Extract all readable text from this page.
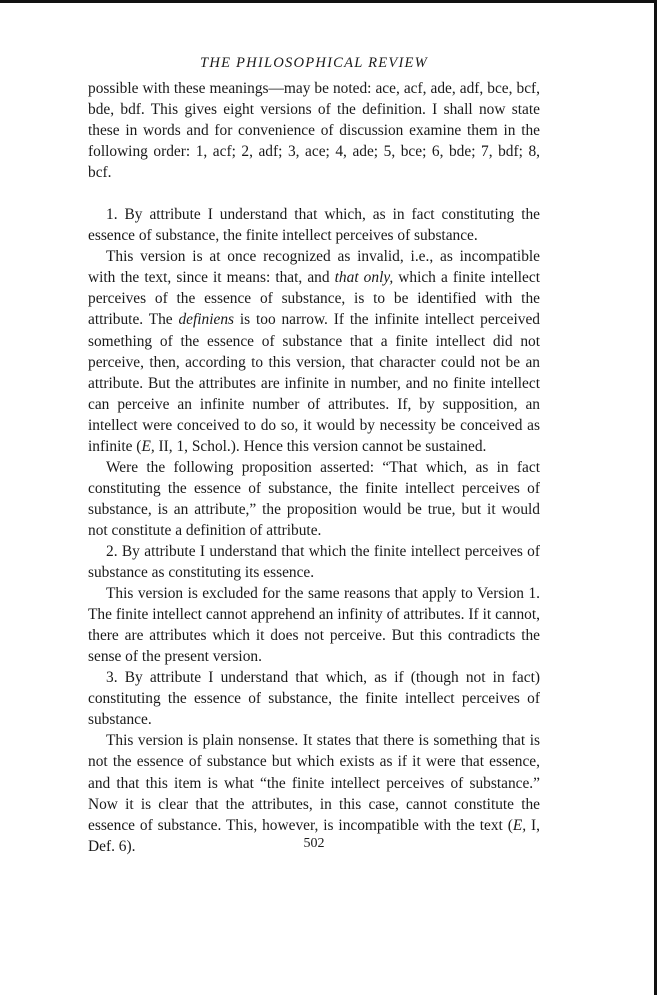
THE PHILOSOPHICAL REVIEW

possible with these meanings—may be noted: ace, acf, ade, adf, bce, bcf, bde, bdf. This gives eight versions of the definition. I shall now state these in words and for convenience of discussion examine them in the following order: 1, acf; 2, adf; 3, ace; 4, ade; 5, bce; 6, bde; 7, bdf; 8, bcf.

1. By attribute I understand that which, as in fact constituting the essence of substance, the finite intellect perceives of substance.

This version is at once recognized as invalid, i.e., as incompatible with the text, since it means: that, and that only, which a finite intellect perceives of the essence of substance, is to be identified with the attribute. The definiens is too narrow. If the infinite intellect perceived something of the essence of substance that a finite intellect did not perceive, then, according to this version, that character could not be an attribute. But the attributes are infinite in number, and no finite intellect can perceive an infinite number of attributes. If, by supposition, an intellect were conceived to do so, it would by necessity be conceived as infinite (E, II, 1, Schol.). Hence this version cannot be sustained.

Were the following proposition asserted: “That which, as in fact constituting the essence of substance, the finite intellect perceives of substance, is an attribute,” the proposition would be true, but it would not constitute a definition of attribute.

2. By attribute I understand that which the finite intellect perceives of substance as constituting its essence.

This version is excluded for the same reasons that apply to Version 1. The finite intellect cannot apprehend an infinity of attributes. If it cannot, there are attributes which it does not perceive. But this contradicts the sense of the present version.

3. By attribute I understand that which, as if (though not in fact) constituting the essence of substance, the finite intellect perceives of substance.

This version is plain nonsense. It states that there is something that is not the essence of substance but which exists as if it were that essence, and that this item is what “the finite intellect perceives of substance.” Now it is clear that the attributes, in this case, cannot constitute the essence of substance. This, however, is incompatible with the text (E, I, Def. 6).	502
